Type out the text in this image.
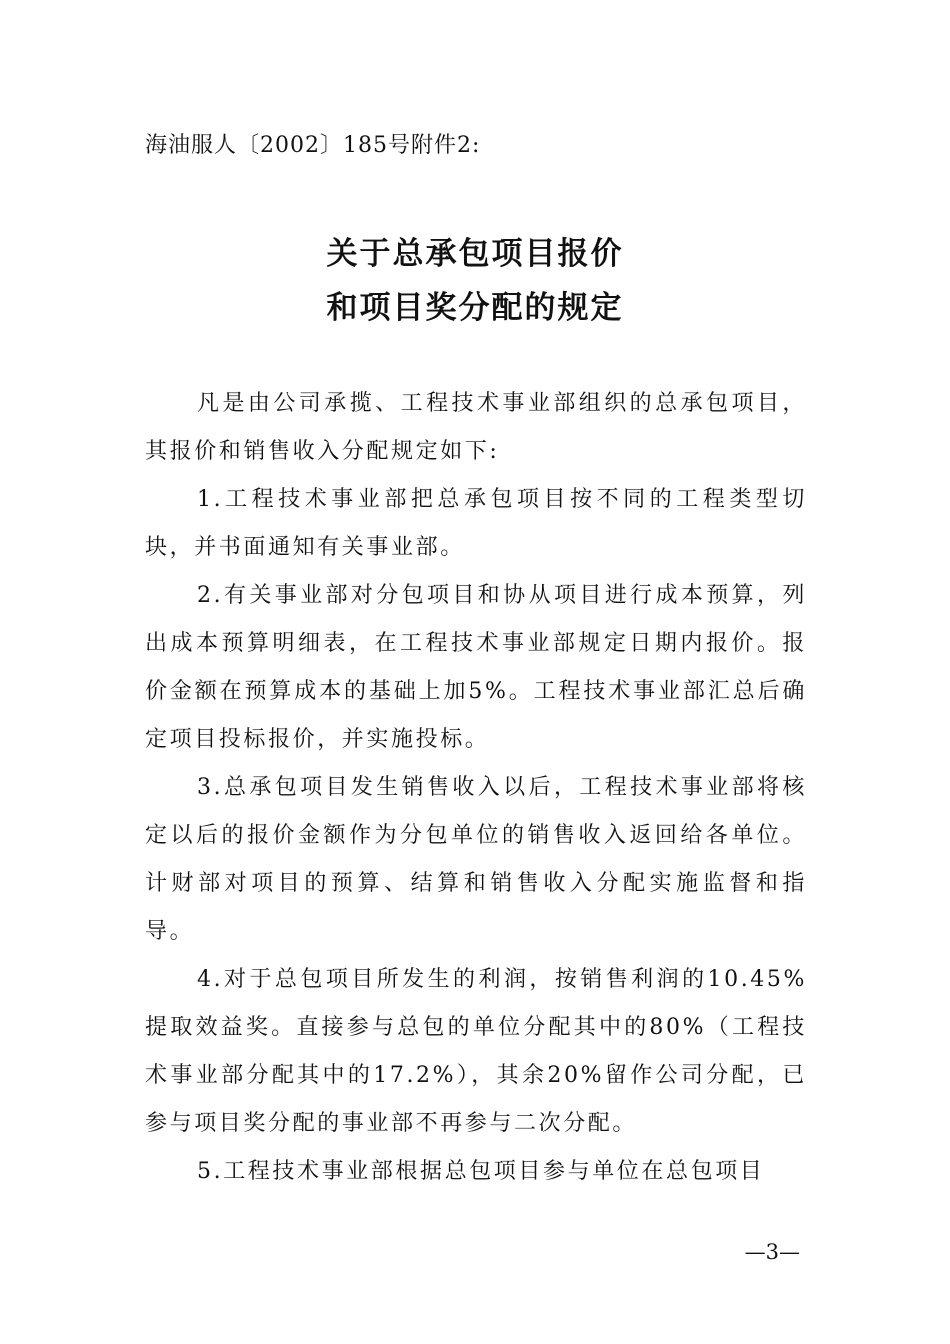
海油服人〔2002〕185号附件2:
关于总承包项目报价
和项目奖分配的规定

凡是由公司承揽、工程技术事业部组织的总承包项目，其报价和销售收入分配规定如下:

1.工程技术事业部把总承包项目按不同的工程类型切块，并书面通知有关事业部。

2.有关事业部对分包项目和协从项目进行成本预算，列出成本预算明细表，在工程技术事业部规定日期内报价。报价金额在预算成本的基础上加5%。工程技术事业部汇总后确定项目投标报价，并实施投标。

3.总承包项目发生销售收入以后，工程技术事业部将核定以后的报价金额作为分包单位的销售收入返回给各单位。计财部对项目的预算、结算和销售收入分配实施监督和指导。

4.对于总包项目所发生的利润，按销售利润的10.45%提取效益奖。直接参与总包的单位分配其中的80%（工程技术事业部分配其中的17.2%），其余20%留作公司分配，已参与项目奖分配的事业部不再参与二次分配。

5.工程技术事业部根据总包项目参与单位在总包项目

—3—
